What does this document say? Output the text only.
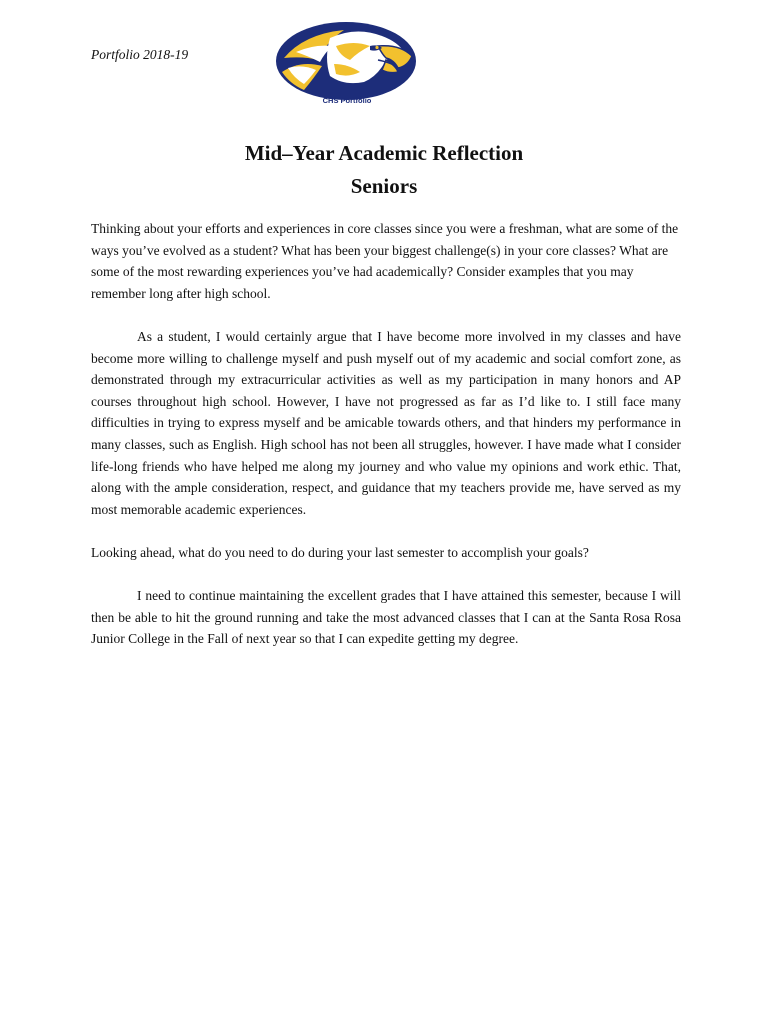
Portfolio 2018-19
CHS Portfolio
Mid–Year Academic Reflection
Seniors

Thinking about your efforts and experiences in core classes since you were a freshman, what are some of the ways you’ve evolved as a student? What has been your biggest challenge(s) in your core classes? What are some of the most rewarding experiences you’ve had academically? Consider examples that you may remember long after high school.

As a student, I would certainly argue that I have become more involved in my classes and have become more willing to challenge myself and push myself out of my academic and social comfort zone, as demonstrated through my extracurricular activities as well as my participation in many honors and AP courses throughout high school. However, I have not progressed as far as I’d like to. I still face many difficulties in trying to express myself and be amicable towards others, and that hinders my performance in many classes, such as English. High school has not been all struggles, however. I have made what I consider life-long friends who have helped me along my journey and who value my opinions and work ethic. That, along with the ample consideration, respect, and guidance that my teachers provide me, have served as my most memorable academic experiences.

Looking ahead, what do you need to do during your last semester to accomplish your goals?

I need to continue maintaining the excellent grades that I have attained this semester, because I will then be able to hit the ground running and take the most advanced classes that I can at the Santa Rosa Rosa Junior College in the Fall of next year so that I can expedite getting my degree.
